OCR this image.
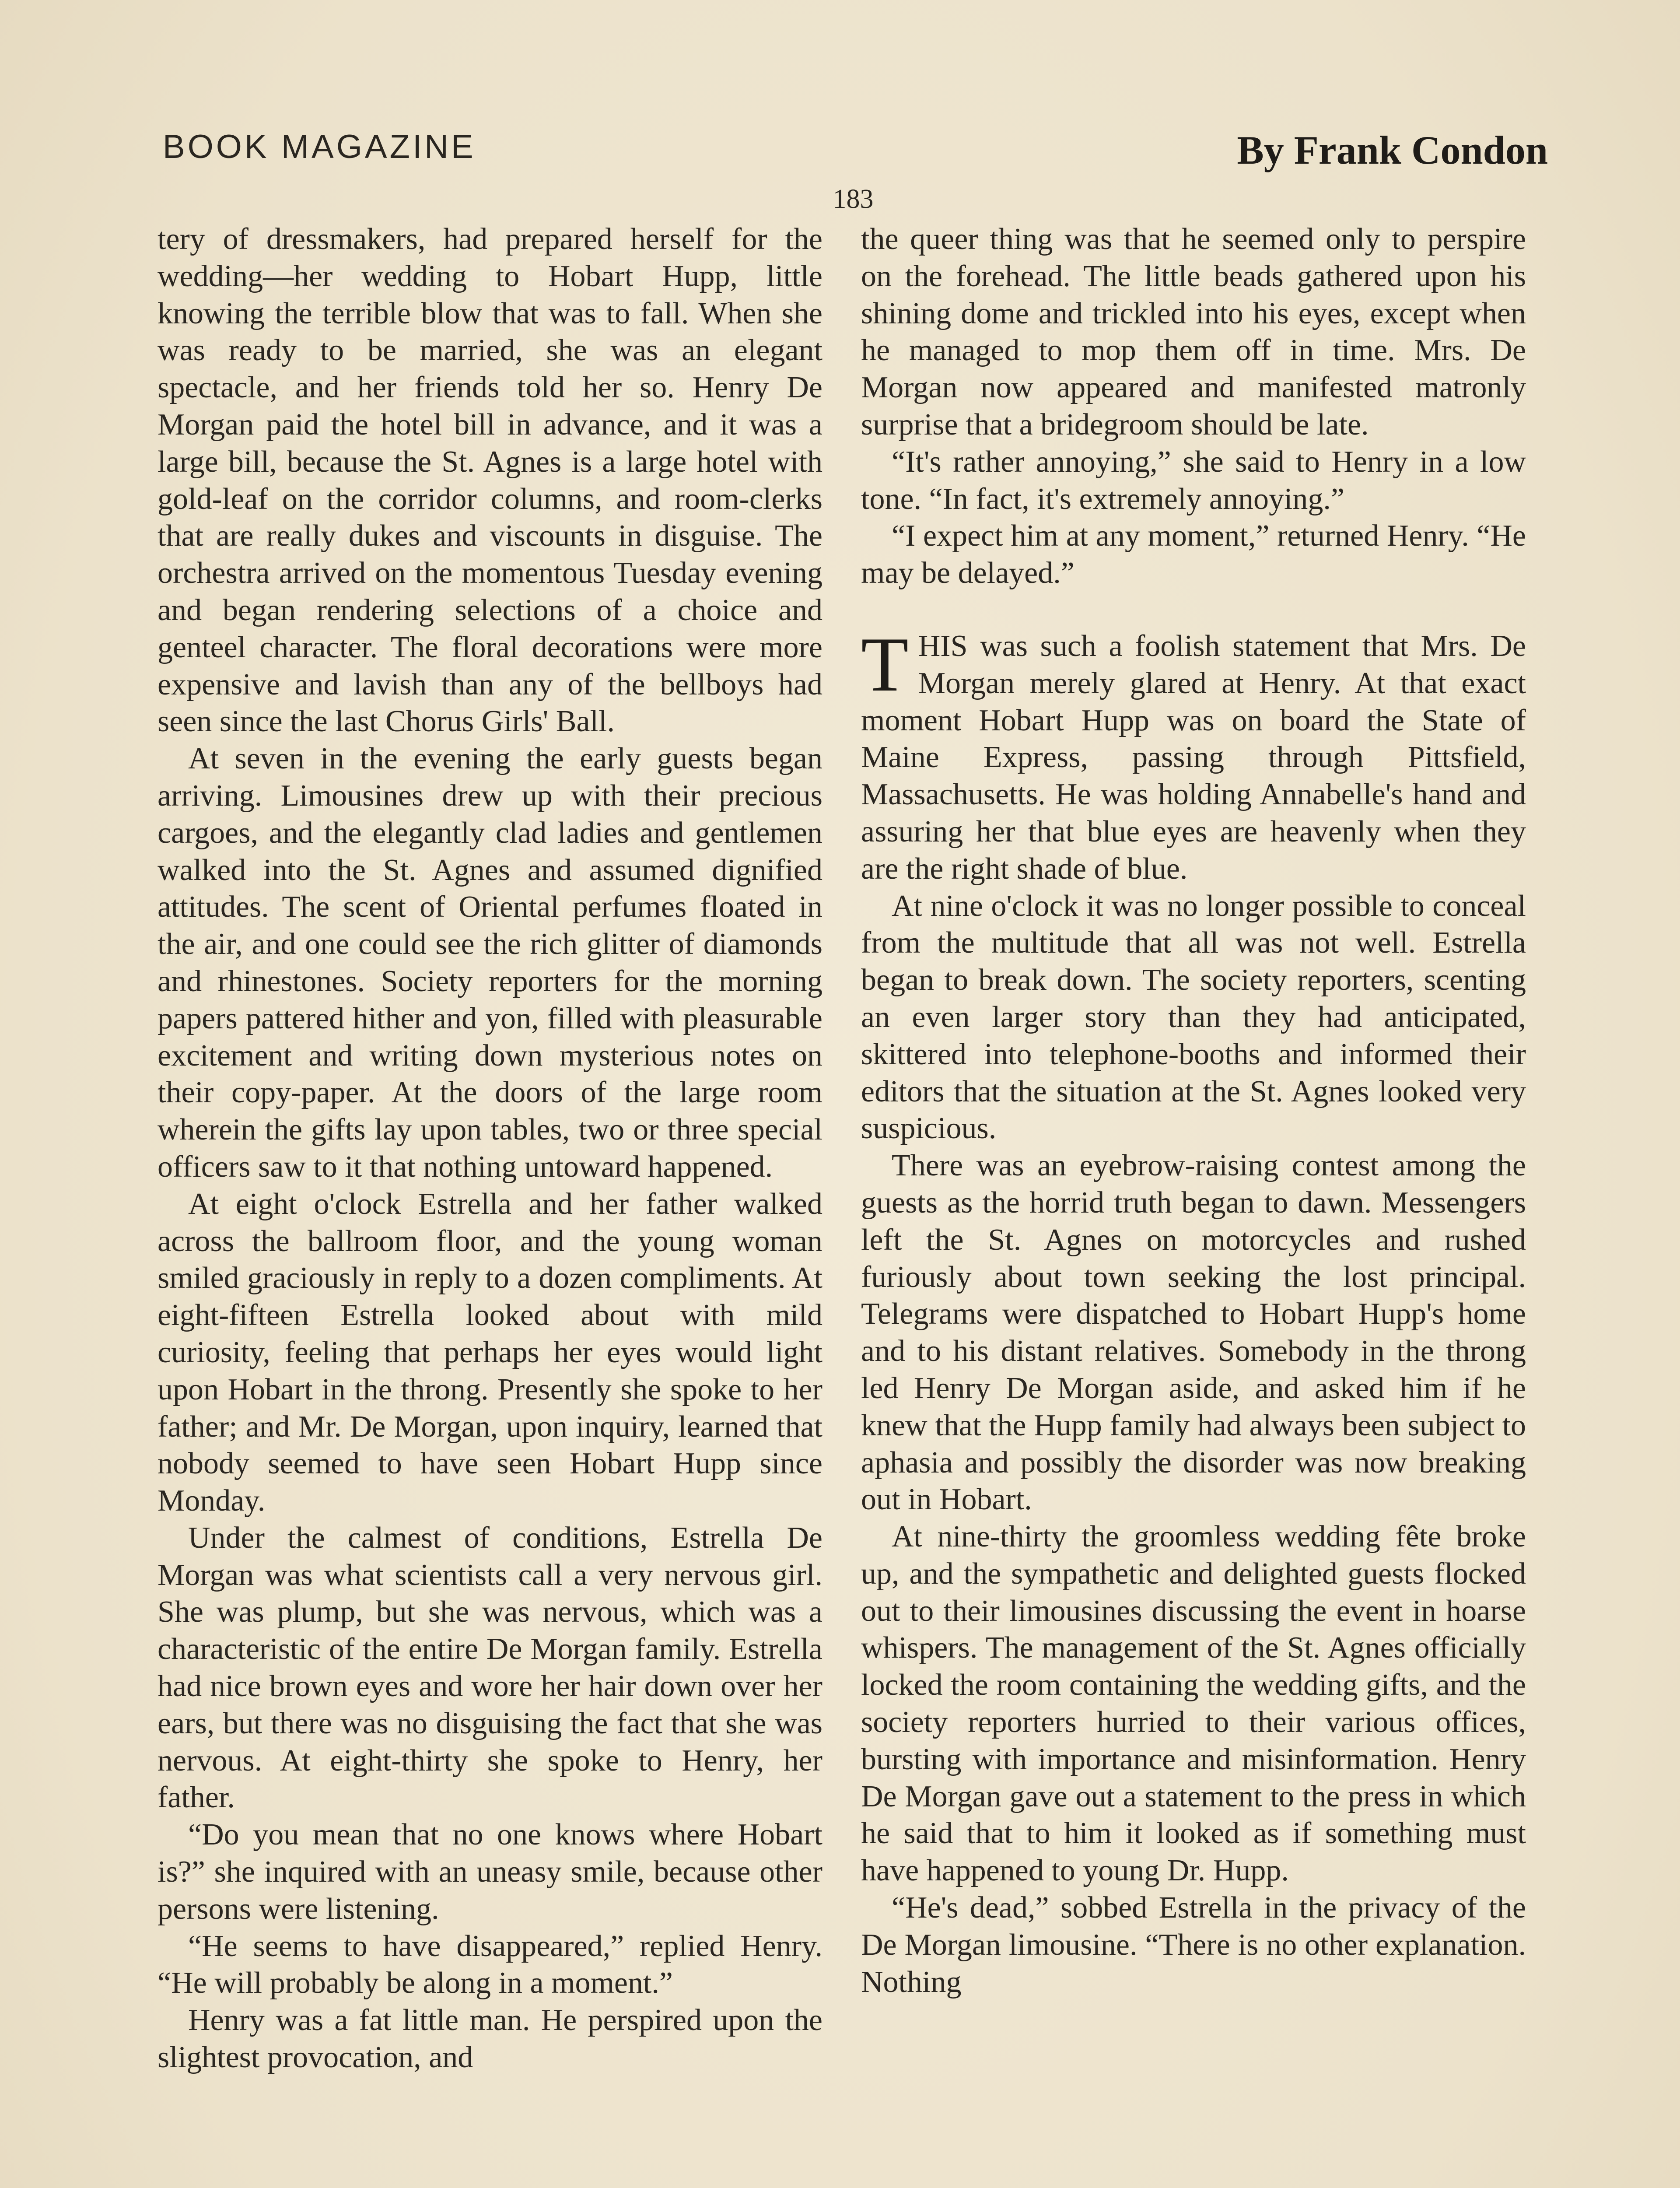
BOOK MAGAZINE	By Frank Condon
183

tery of dressmakers, had prepared herself for the wedding—her wedding to Hobart Hupp, little knowing the terrible blow that was to fall. When she was ready to be married, she was an elegant spectacle, and her friends told her so. Henry De Morgan paid the hotel bill in advance, and it was a large bill, because the St. Agnes is a large hotel with gold-leaf on the corridor columns, and room-clerks that are really dukes and viscounts in disguise. The orchestra arrived on the momentous Tuesday evening and began rendering selections of a choice and genteel character. The floral decorations were more expensive and lavish than any of the bellboys had seen since the last Chorus Girls' Ball.

At seven in the evening the early guests began arriving. Limousines drew up with their precious cargoes, and the elegantly clad ladies and gentlemen walked into the St. Agnes and assumed dignified attitudes. The scent of Oriental perfumes floated in the air, and one could see the rich glitter of diamonds and rhinestones. Society reporters for the morning papers pattered hither and yon, filled with pleasurable excitement and writing down mysterious notes on their copy-paper. At the doors of the large room wherein the gifts lay upon tables, two or three special officers saw to it that nothing untoward happened.

At eight o'clock Estrella and her father walked across the ballroom floor, and the young woman smiled graciously in reply to a dozen compliments. At eight-fifteen Estrella looked about with mild curiosity, feeling that perhaps her eyes would light upon Hobart in the throng. Presently she spoke to her father; and Mr. De Morgan, upon inquiry, learned that nobody seemed to have seen Hobart Hupp since Monday.

Under the calmest of conditions, Estrella De Morgan was what scientists call a very nervous girl. She was plump, but she was nervous, which was a characteristic of the entire De Morgan family. Estrella had nice brown eyes and wore her hair down over her ears, but there was no disguising the fact that she was nervous. At eight-thirty she spoke to Henry, her father.

“Do you mean that no one knows where Hobart is?” she inquired with an uneasy smile, because other persons were listening.

“He seems to have disappeared,” replied Henry. “He will probably be along in a moment.”

Henry was a fat little man. He perspired upon the slightest provocation, and

the queer thing was that he seemed only to perspire on the forehead. The little beads gathered upon his shining dome and trickled into his eyes, except when he managed to mop them off in time. Mrs. De Morgan now appeared and manifested matronly surprise that a bridegroom should be late.

“It's rather annoying,” she said to Henry in a low tone. “In fact, it's extremely annoying.”

“I expect him at any moment,” returned Henry. “He may be delayed.”

THIS was such a foolish statement that Mrs. De Morgan merely glared at Henry. At that exact moment Hobart Hupp was on board the State of Maine Express, passing through Pittsfield, Massachusetts. He was holding Annabelle's hand and assuring her that blue eyes are heavenly when they are the right shade of blue.

At nine o'clock it was no longer possible to conceal from the multitude that all was not well. Estrella began to break down. The society reporters, scenting an even larger story than they had anticipated, skittered into telephone-booths and informed their editors that the situation at the St. Agnes looked very suspicious.

There was an eyebrow-raising contest among the guests as the horrid truth began to dawn. Messengers left the St. Agnes on motorcycles and rushed furiously about town seeking the lost principal. Telegrams were dispatched to Hobart Hupp's home and to his distant relatives. Somebody in the throng led Henry De Morgan aside, and asked him if he knew that the Hupp family had always been subject to aphasia and possibly the disorder was now breaking out in Hobart.

At nine-thirty the groomless wedding fête broke up, and the sympathetic and delighted guests flocked out to their limousines discussing the event in hoarse whispers. The management of the St. Agnes officially locked the room containing the wedding gifts, and the society reporters hurried to their various offices, bursting with importance and misinformation. Henry De Morgan gave out a statement to the press in which he said that to him it looked as if something must have happened to young Dr. Hupp.

“He's dead,” sobbed Estrella in the privacy of the De Morgan limousine. “There is no other explanation. Nothing
